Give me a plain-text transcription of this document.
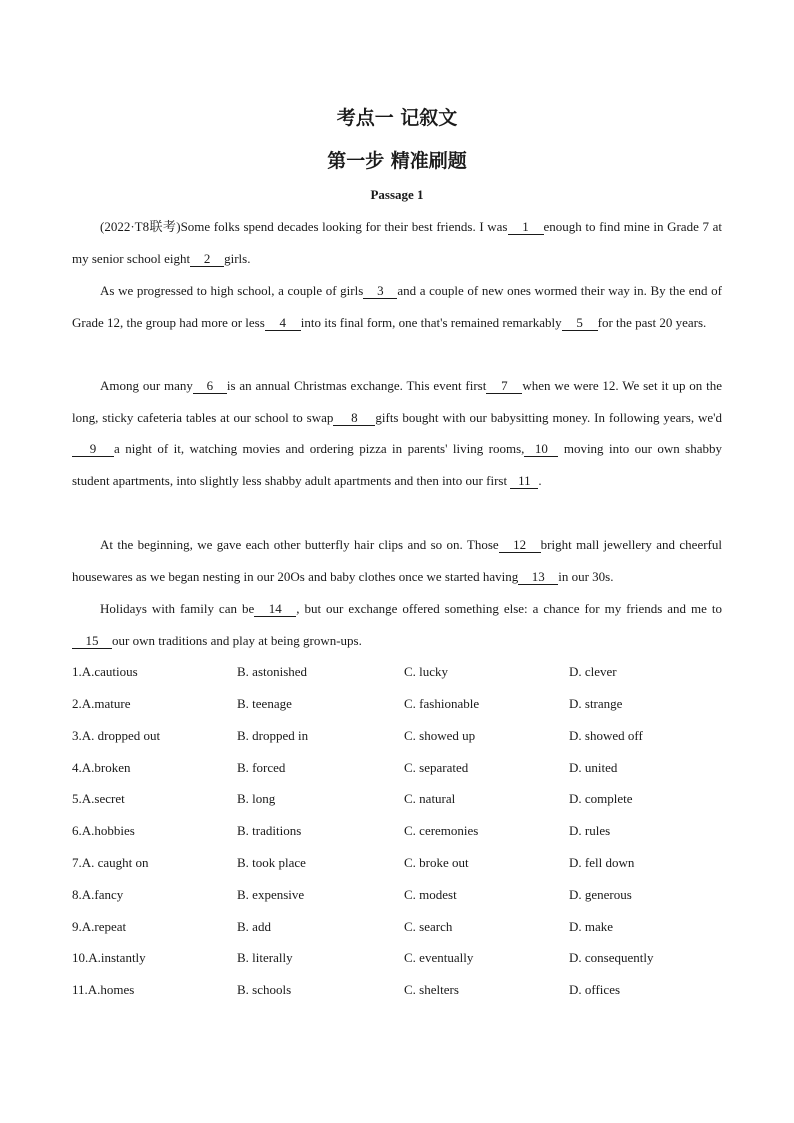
考点一 记叙文
第一步 精准刷题
Passage 1

(2022·T8联考)Some folks spend decades looking for their best friends. I was 1 enough to find mine in Grade 7 at my senior school eight 2 girls.

As we progressed to high school, a couple of girls 3 and a couple of new ones wormed their way in. By the end of Grade 12, the group had more or less 4 into its final form, one that's remained remarkably 5 for the past 20 years.

Among our many 6 is an annual Christmas exchange. This event first 7 when we were 12. We set it up on the long, sticky cafeteria tables at our school to swap 8 gifts bought with our babysitting money. In following years, we'd9 a night of it, watching movies and ordering pizza in parents' living rooms, 10 moving into our own shabby student apartments, into slightly less shabby adult apartments and then into our first 11 .

At the beginning, we gave each other butterfly hair clips and so on. Those 12 bright mall jewellery and cheerful housewares as we began nesting in our 20Os and baby clothes once we started having 13 in our 30s.

Holidays with family can be 14 , but our exchange offered something else: a chance for my friends and me to15 our own traditions and play at being grown-ups.

1.A.cautious	B. astonished	C. lucky	D. clever
2.A.mature	B. teenage	C. fashionable	D. strange
3.A. dropped out	B. dropped in	C. showed up	D. showed off
4.A.broken	B. forced	C. separated	D. united
5.A.secret	B. long	C. natural	D. complete
6.A.hobbies	B. traditions	C. ceremonies	D. rules
7.A. caught on	B. took place	C. broke out	D. fell down
8.A.fancy	B. expensive	C. modest	D. generous
9.A.repeat	B. add	C. search	D. make
10.A.instantly	B. literally	C. eventually	D. consequently
11.A.homes	B. schools	C. shelters	D. offices
